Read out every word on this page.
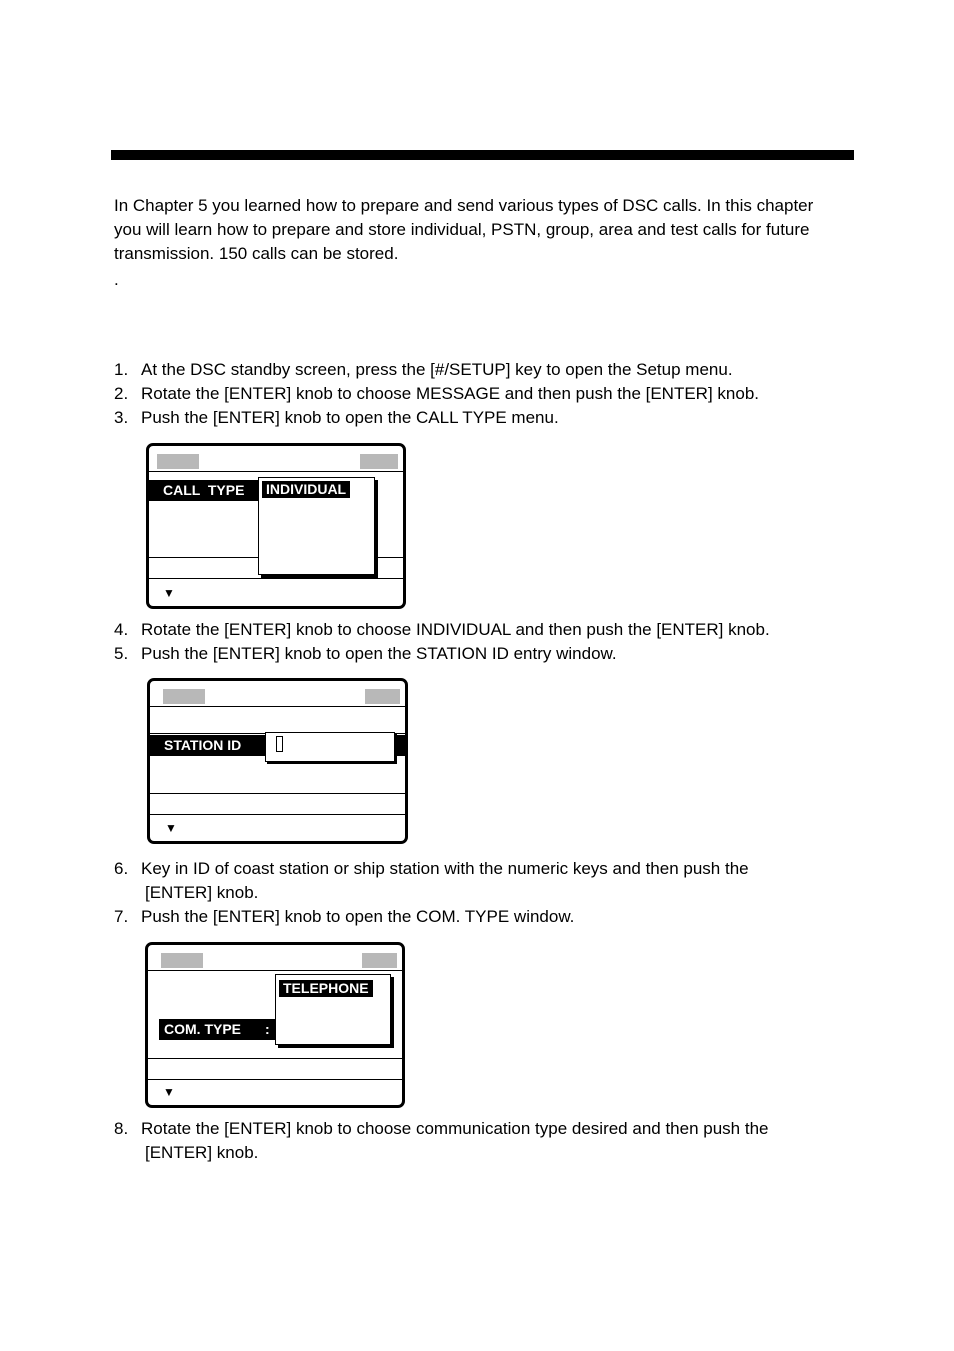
In Chapter 5 you learned how to prepare and send various types of DSC calls. In this chapter you will learn how to prepare and store individual, PSTN, group, area and test calls for future transmission. 150 calls can be stored.
.
1. At the DSC standby screen, press the [#/SETUP] key to open the Setup menu.
2. Rotate the [ENTER] knob to choose MESSAGE and then push the [ENTER] knob.
3. Push the [ENTER] knob to open the CALL TYPE menu.
CALL  TYPE	INDIVIDUAL
▼
4. Rotate the [ENTER] knob to choose INDIVIDUAL and then push the [ENTER] knob.
5. Push the [ENTER] knob to open the STATION ID entry window.
STATION ID
▼
6. Key in ID of coast station or ship station with the numeric keys and then push the
[ENTER] knob.
7. Push the [ENTER] knob to open the COM. TYPE window.
COM. TYPE	:
TELEPHONE
▼
8. Rotate the [ENTER] knob to choose communication type desired and then push the
[ENTER] knob.
